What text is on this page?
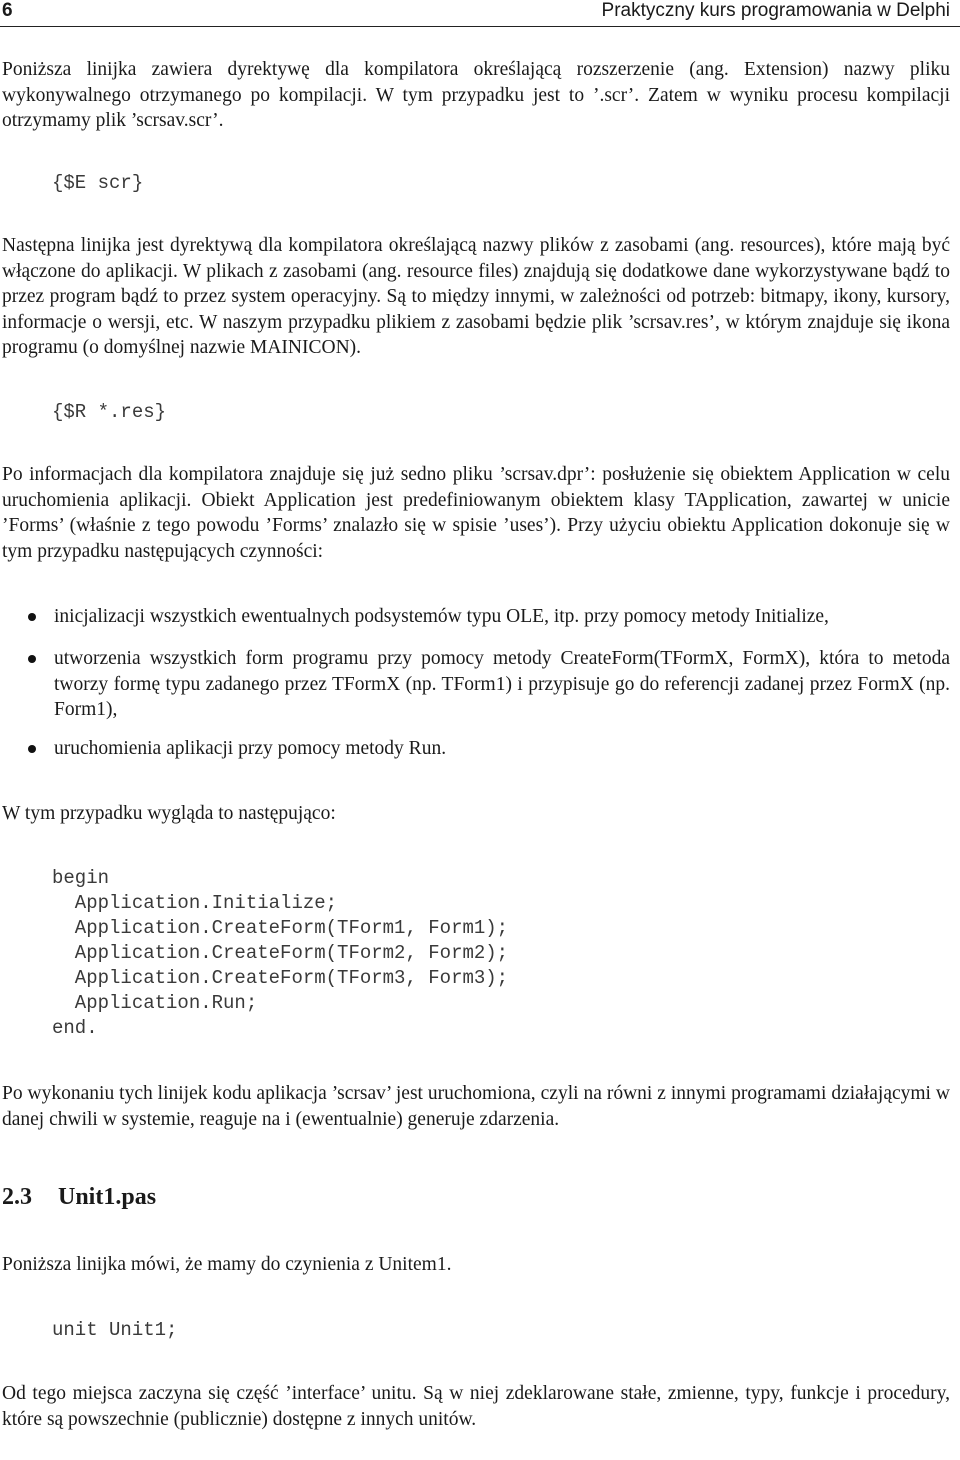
6	Praktyczny kurs programowania w Delphi
Poniższa linijka zawiera dyrektywę dla kompilatora określającą rozszerzenie (ang. Extension) nazwy pliku wykonywalnego otrzymanego po kompilacji. W tym przypadku jest to ’.scr’. Zatem w wyniku procesu kompilacji otrzymamy plik ’scrsav.scr’.
{$E scr}
Następna linijka jest dyrektywą dla kompilatora określającą nazwy plików z zasobami (ang. resources), które mają być włączone do aplikacji. W plikach z zasobami (ang. resource files) znajdują się dodatkowe dane wykorzystywane bądź to przez program bądź to przez system operacyjny. Są to między innymi, w zależności od potrzeb: bitmapy, ikony, kursory, informacje o wersji, etc. W naszym przypadku plikiem z zasobami będzie plik ’scrsav.res’, w którym znajduje się ikona programu (o domyślnej nazwie MAINICON).
{$R *.res}
Po informacjach dla kompilatora znajduje się już sedno pliku ’scrsav.dpr’: posłużenie się obiektem Application w celu uruchomienia aplikacji. Obiekt Application jest predefiniowanym obiektem klasy TApplication, zawartej w unicie ’Forms’ (właśnie z tego powodu ’Forms’ znalazło się w spisie ’uses’). Przy użyciu obiektu Application dokonuje się w tym przypadku następujących czynności:
inicjalizacji wszystkich ewentualnych podsystemów typu OLE, itp. przy pomocy metody Initialize,
utworzenia wszystkich form programu przy pomocy metody CreateForm(TFormX, FormX), która to metoda tworzy formę typu zadanego przez TFormX (np. TForm1) i przypisuje go do referencji zadanej przez FormX (np. Form1),
uruchomienia aplikacji przy pomocy metody Run.
W tym przypadku wygląda to następująco:
begin
Application.Initialize;
Application.CreateForm(TForm1, Form1);
Application.CreateForm(TForm2, Form2);
Application.CreateForm(TForm3, Form3);
Application.Run;
end.
Po wykonaniu tych linijek kodu aplikacja ’scrsav’ jest uruchomiona, czyli na równi z innymi programami działającymi w danej chwili w systemie, reaguje na i (ewentualnie) generuje zdarzenia.
2.3 Unit1.pas
Poniższa linijka mówi, że mamy do czynienia z Unitem1.
unit Unit1;
Od tego miejsca zaczyna się część ’interface’ unitu. Są w niej zdeklarowane stałe, zmienne, typy, funkcje i procedury, które są powszechnie (publicznie) dostępne z innych unitów.
